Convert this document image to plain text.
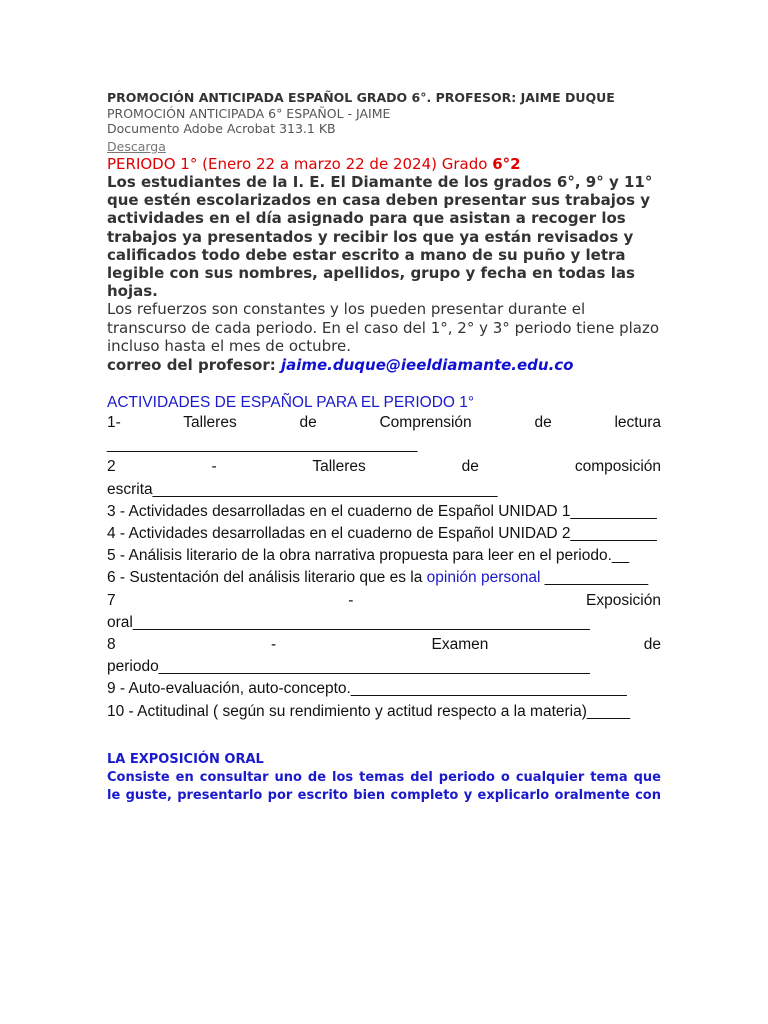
PROMOCIÓN ANTICIPADA ESPAÑOL GRADO 6°. PROFESOR: JAIME DUQUE

PROMOCIÓN ANTICIPADA 6° ESPAÑOL - JAIME

Documento Adobe Acrobat 313.1 KB

Descarga

PERIODO 1° (Enero 22 a marzo 22 de 2024) Grado 6°2

Los estudiantes de la I. E. El Diamante de los grados 6°, 9° y 11° que estén escolarizados en casa deben presentar sus trabajos y actividades en el día asignado para que asistan a recoger los trabajos ya presentados y recibir los que ya están revisados y calificados todo debe estar escrito a mano de su puño y letra legible con sus nombres, apellidos, grupo y fecha en todas las hojas.

Los refuerzos son constantes y los pueden presentar durante el transcurso de cada periodo. En el caso del 1°, 2° y 3° periodo tiene plazo incluso hasta el mes de octubre.

correo del profesor: jaime.duque@ieeldiamante.edu.co

ACTIVIDADES DE ESPAÑOL PARA EL PERIODO 1°

1- Talleres de Comprensión de lectura ____________________________________

2 - Talleres de composición escrita________________________________________

3 - Actividades desarrolladas en el cuaderno de Español UNIDAD 1__________

4 - Actividades desarrolladas en el cuaderno de Español UNIDAD 2__________

5 - Análisis literario de la obra narrativa propuesta para leer en el periodo.__

6 - Sustentación del análisis literario que es la opinión personal ____________

7 - Exposición oral_____________________________________________________

8 - Examen de periodo__________________________________________________

9 - Auto-evaluación, auto-concepto.________________________________

10 - Actitudinal ( según su rendimiento y actitud respecto a la materia)_____

LA EXPOSICIÓN ORAL

Consiste en consultar uno de los temas del periodo o cualquier tema que le guste, presentarlo por escrito bien completo y explicarlo oralmente con
